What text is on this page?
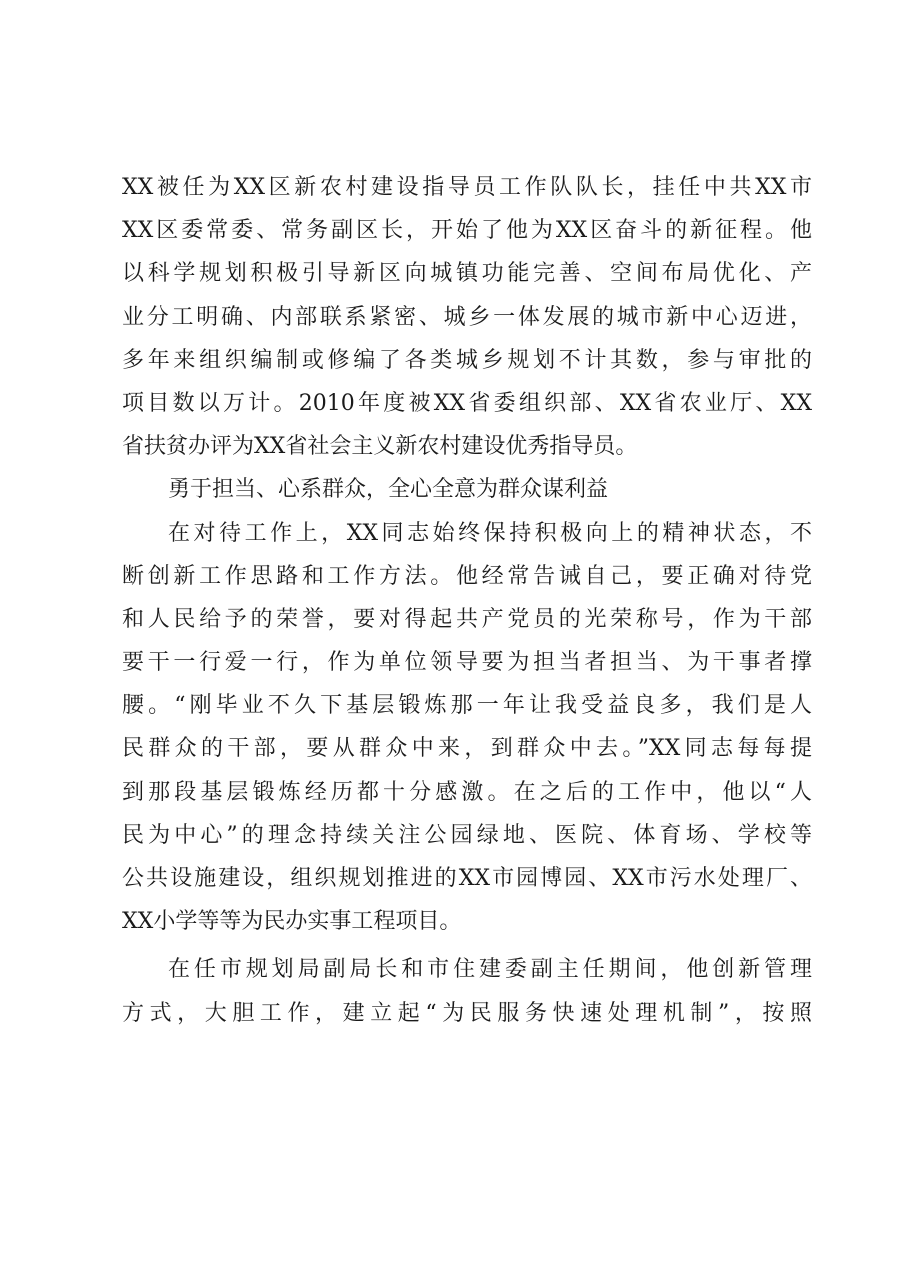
XX被任为XX区新农村建设指导员工作队队长，挂任中共XX市
XX区委常委、常务副区长，开始了他为XX区奋斗的新征程。他
以科学规划积极引导新区向城镇功能完善、空间布局优化、产
业分工明确、内部联系紧密、城乡一体发展的城市新中心迈进，
多年来组织编制或修编了各类城乡规划不计其数，参与审批的
项目数以万计。2010年度被XX省委组织部、XX省农业厅、XX
省扶贫办评为XX省社会主义新农村建设优秀指导员。
勇于担当、心系群众，全心全意为群众谋利益
在对待工作上，XX同志始终保持积极向上的精神状态，不
断创新工作思路和工作方法。他经常告诫自己，要正确对待党
和人民给予的荣誉，要对得起共产党员的光荣称号，作为干部
要干一行爱一行，作为单位领导要为担当者担当、为干事者撑
腰。“刚毕业不久下基层锻炼那一年让我受益良多，我们是人
民群众的干部，要从群众中来，到群众中去。”XX同志每每提
到那段基层锻炼经历都十分感激。在之后的工作中，他以“人
民为中心”的理念持续关注公园绿地、医院、体育场、学校等
公共设施建设，组织规划推进的XX市园博园、XX市污水处理厂、
XX小学等等为民办实事工程项目。
在任市规划局副局长和市住建委副主任期间，他创新管理
方式，大胆工作，建立起“为民服务快速处理机制”，按照
